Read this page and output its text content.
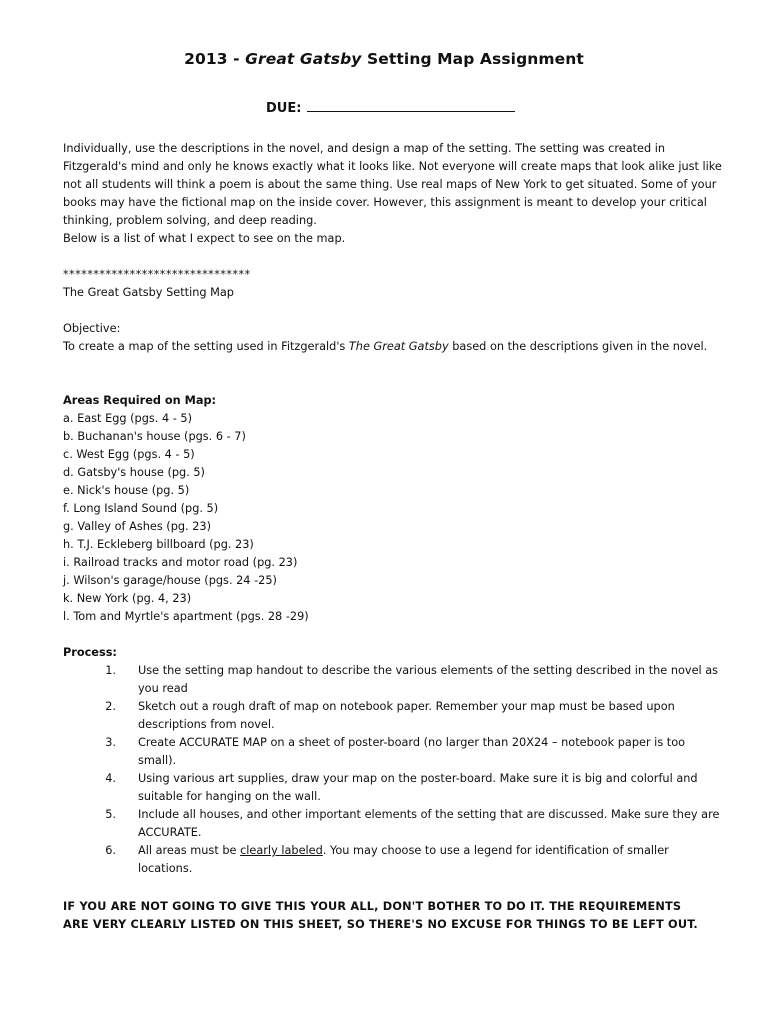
2013 - Great Gatsby Setting Map Assignment
DUE:
Individually, use the descriptions in the novel, and design a map of the setting. The setting was created in Fitzgerald's mind and only he knows exactly what it looks like. Not everyone will create maps that look alike just like not all students will think a poem is about the same thing. Use real maps of New York to get situated. Some of your books may have the fictional map on the inside cover. However, this assignment is meant to develop your critical thinking, problem solving, and deep reading.
Below is a list of what I expect to see on the map.
*******************************
The Great Gatsby Setting Map
Objective:
To create a map of the setting used in Fitzgerald's The Great Gatsby based on the descriptions given in the novel.
Areas Required on Map:
a. East Egg (pgs. 4 - 5)
b. Buchanan's house (pgs. 6 - 7)
c. West Egg (pgs. 4 - 5)
d. Gatsby's house (pg. 5)
e. Nick's house (pg. 5)
f. Long Island Sound (pg. 5)
g. Valley of Ashes (pg. 23)
h. T.J. Eckleberg billboard (pg. 23)
i. Railroad tracks and motor road (pg. 23)
j. Wilson's garage/house (pgs. 24 -25)
k. New York (pg. 4, 23)
l. Tom and Myrtle's apartment (pgs. 28 -29)
Process:
1.	Use the setting map handout to describe the various elements of the setting described in the novel as you read
2.	Sketch out a rough draft of map on notebook paper. Remember your map must be based upon descriptions from novel.
3.	Create ACCURATE MAP on a sheet of poster-board (no larger than 20X24 – notebook paper is too small).
4.	Using various art supplies, draw your map on the poster-board. Make sure it is big and colorful and suitable for hanging on the wall.
5.	Include all houses, and other important elements of the setting that are discussed. Make sure they are ACCURATE.
6.	All areas must be clearly labeled. You may choose to use a legend for identification of smaller locations.
IF YOU ARE NOT GOING TO GIVE THIS YOUR ALL, DON'T BOTHER TO DO IT. THE REQUIREMENTS ARE VERY CLEARLY LISTED ON THIS SHEET, SO THERE'S NO EXCUSE FOR THINGS TO BE LEFT OUT.
